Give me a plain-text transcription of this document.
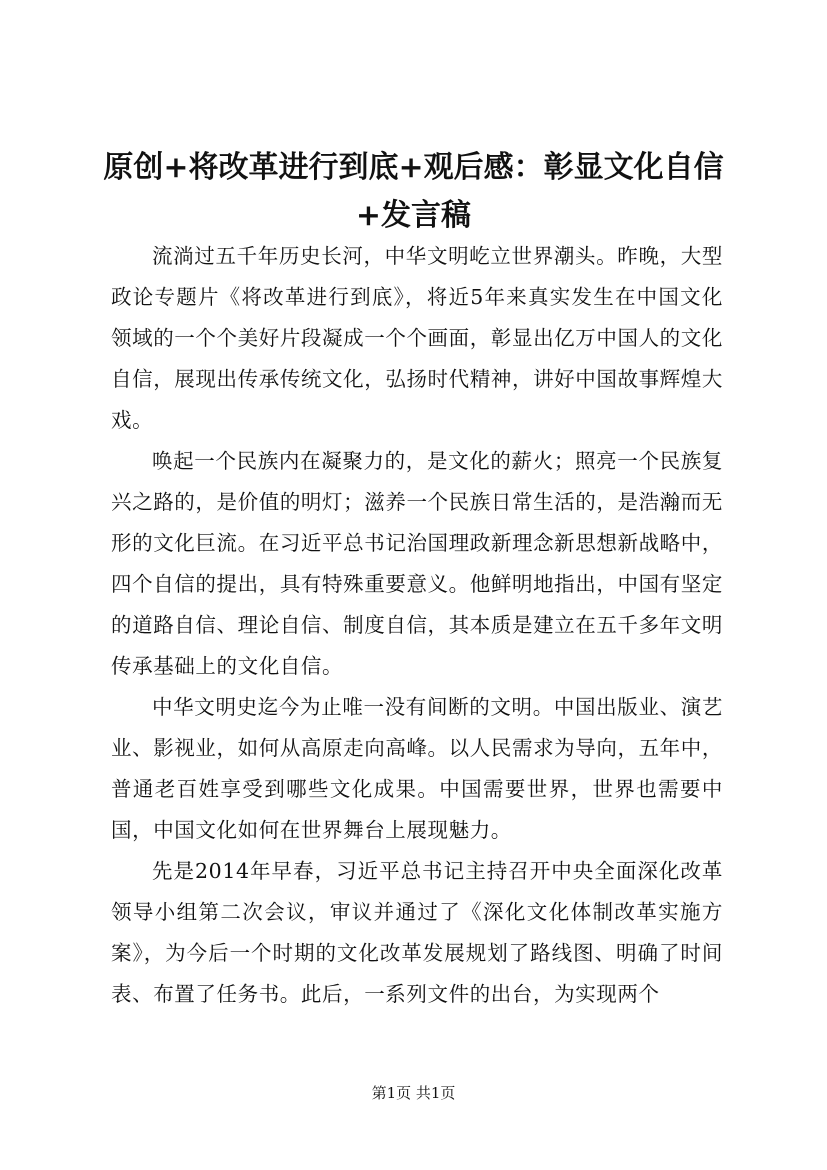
原创+将改革进行到底+观后感：彰显文化自信+发言稿

流淌过五千年历史长河，中华文明屹立世界潮头。昨晚，大型政论专题片《将改革进行到底》，将近5年来真实发生在中国文化领域的一个个美好片段凝成一个个画面，彰显出亿万中国人的文化自信，展现出传承传统文化，弘扬时代精神，讲好中国故事辉煌大戏。

唤起一个民族内在凝聚力的，是文化的薪火；照亮一个民族复兴之路的，是价值的明灯；滋养一个民族日常生活的，是浩瀚而无形的文化巨流。在习近平总书记治国理政新理念新思想新战略中，四个自信的提出，具有特殊重要意义。他鲜明地指出，中国有坚定的道路自信、理论自信、制度自信，其本质是建立在五千多年文明传承基础上的文化自信。

中华文明史迄今为止唯一没有间断的文明。中国出版业、演艺业、影视业，如何从高原走向高峰。以人民需求为导向，五年中，普通老百姓享受到哪些文化成果。中国需要世界，世界也需要中国，中国文化如何在世界舞台上展现魅力。

先是2014年早春，习近平总书记主持召开中央全面深化改革领导小组第二次会议，审议并通过了《深化文化体制改革实施方案》，为今后一个时期的文化改革发展规划了路线图、明确了时间表、布置了任务书。此后，一系列文件的出台，为实现两个

第1页 共1页
